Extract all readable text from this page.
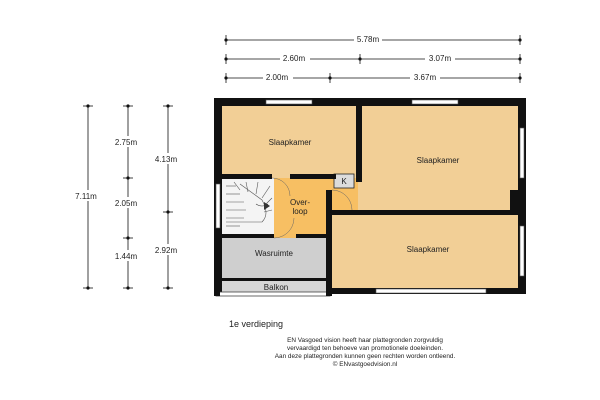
5.78m
2.60m	3.07m
2.00m	3.67m
7.11m
2.75m
2.05m
1.44m
4.13m
2.92m
Slaapkamer
Slaapkamer
Slaapkamer
Over-
loop
K
Wasruimte
Balkon
1e verdieping
EN Vasgoed vision heeft haar plattegronden zorgvuldig
vervaardigd ten behoeve van promotionele doeleinden.
Aan deze plattegronden kunnen geen rechten worden ontleend.
© ENvastgoedvision.nl
